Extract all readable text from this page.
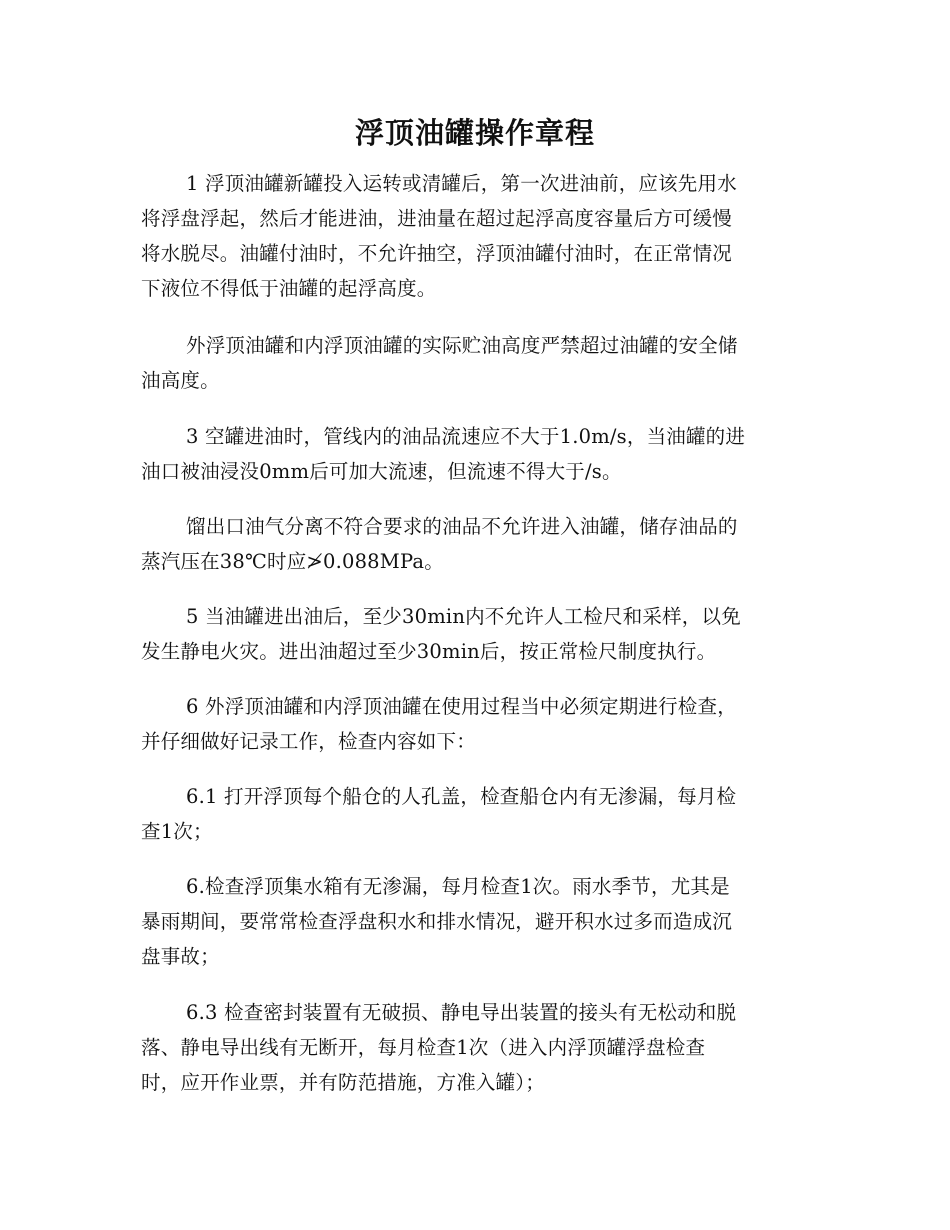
浮顶油罐操作章程

1 浮顶油罐新罐投入运转或清罐后，第一次进油前，应该先用水
将浮盘浮起，然后才能进油，进油量在超过起浮高度容量后方可缓慢
将水脱尽。油罐付油时，不允许抽空，浮顶油罐付油时，在正常情况
下液位不得低于油罐的起浮高度。

外浮顶油罐和内浮顶油罐的实际贮油高度严禁超过油罐的安全储
油高度。

3 空罐进油时，管线内的油品流速应不大于1.0m/s，当油罐的进
油口被油浸没0mm后可加大流速，但流速不得大于/s。

馏出口油气分离不符合要求的油品不允许进入油罐，储存油品的
蒸汽压在38℃时应≯0.088MPa。

5 当油罐进出油后，至少30min内不允许人工检尺和采样，以免
发生静电火灾。进出油超过至少30min后，按正常检尺制度执行。

6 外浮顶油罐和内浮顶油罐在使用过程当中必须定期进行检查，
并仔细做好记录工作，检查内容如下：

6.1 打开浮顶每个船仓的人孔盖，检查船仓内有无渗漏，每月检
查1次；

6.检查浮顶集水箱有无渗漏，每月检查1次。雨水季节，尤其是
暴雨期间，要常常检查浮盘积水和排水情况，避开积水过多而造成沉
盘事故；

6.3 检查密封装置有无破损、静电导出装置的接头有无松动和脱
落、静电导出线有无断开，每月检查1次（进入内浮顶罐浮盘检查
时，应开作业票，并有防范措施，方准入罐）；
